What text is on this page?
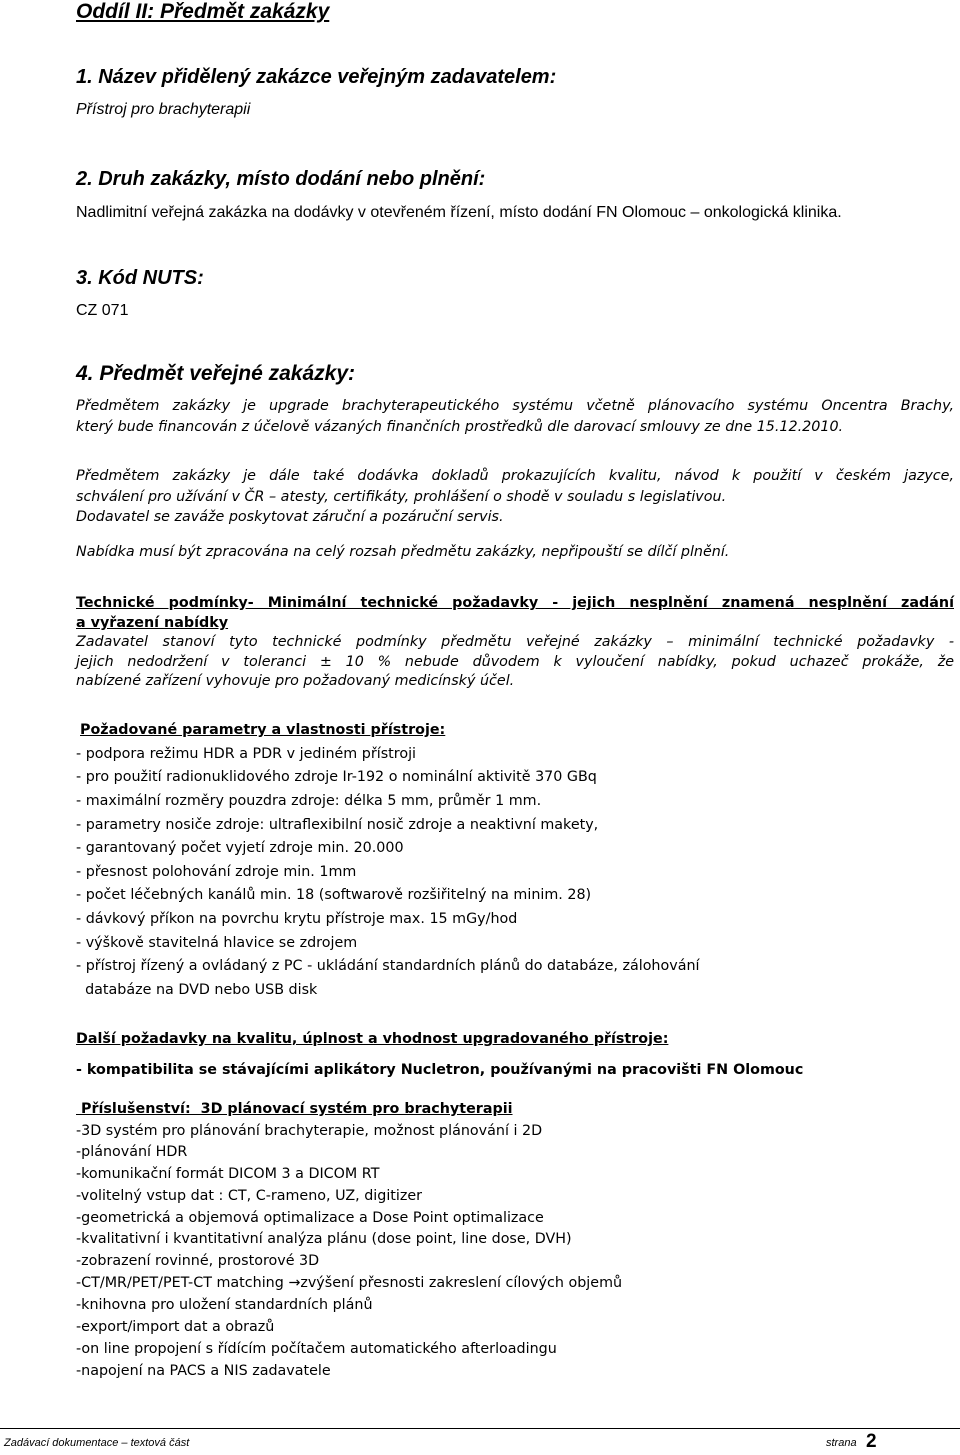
Oddíl II: Předmět zakázky
1. Název přidělený zakázce veřejným zadavatelem:
Přístroj pro brachyterapii
2. Druh zakázky, místo dodání nebo plnění:
Nadlimitní veřejná zakázka na dodávky v otevřeném řízení, místo dodání FN Olomouc – onkologická klinika.
3. Kód NUTS:
CZ 071
4. Předmět veřejné zakázky:
Předmětem zakázky je upgrade brachyterapeutického systému včetně plánovacího systému Oncentra Brachy,
který bude financován z účelově vázaných finančních prostředků dle darovací smlouvy ze dne 15.12.2010.
Předmětem zakázky je dále také dodávka dokladů prokazujících kvalitu, návod k použití v českém jazyce,
schválení pro užívání v ČR – atesty, certifikáty, prohlášení o shodě v souladu s legislativou.
Dodavatel se zaváže poskytovat záruční a pozáruční servis.
Nabídka musí být zpracována na celý rozsah předmětu zakázky, nepřipouští se dílčí plnění.
Technické podmínky- Minimální technické požadavky - jejich nesplnění znamená nesplnění zadání
a vyřazení nabídky
Zadavatel stanoví tyto technické podmínky předmětu veřejné zakázky – minimální technické požadavky -
jejich nedodržení v toleranci ± 10 % nebude důvodem k vyloučení nabídky, pokud uchazeč prokáže, že
nabízené zařízení vyhovuje pro požadovaný medicínský účel.
Požadované parametry a vlastnosti přístroje:
- podpora režimu HDR a PDR v jediném přístroji
- pro použití radionuklidového zdroje Ir-192 o nominální aktivitě 370 GBq
- maximální rozměry pouzdra zdroje: délka 5 mm, průměr 1 mm.
- parametry nosiče zdroje: ultraflexibilní nosič zdroje a neaktivní makety,
- garantovaný počet vyjetí zdroje min. 20.000
- přesnost polohování zdroje min. 1mm
- počet léčebných kanálů min. 18 (softwarově rozšiřitelný na minim. 28)
- dávkový příkon na povrchu krytu přístroje max. 15 mGy/hod
- výškově stavitelná hlavice se zdrojem
- přístroj řízený a ovládaný z PC - ukládání standardních plánů do databáze, zálohování
databáze na DVD nebo USB disk
Další požadavky na kvalitu, úplnost a vhodnost upgradovaného přístroje:
- kompatibilita se stávajícími aplikátory Nucletron, používanými na pracovišti FN Olomouc
Příslušenství:  3D plánovací systém pro brachyterapii
-3D systém pro plánování brachyterapie, možnost plánování i 2D
-plánování HDR
-komunikační formát DICOM 3 a DICOM RT
-volitelný vstup dat : CT, C-rameno, UZ, digitizer
-geometrická a objemová optimalizace a Dose Point optimalizace
-kvalitativní i kvantitativní analýza plánu (dose point, line dose, DVH)
-zobrazení rovinné, prostorové 3D
-CT/MR/PET/PET-CT matching →zvýšení přesnosti zakreslení cílových objemů
-knihovna pro uložení standardních plánů
-export/import dat a obrazů
-on line propojení s řídícím počítačem automatického afterloadingu
-napojení na PACS a NIS zadavatele
Zadávací dokumentace – textová část	strana 2
